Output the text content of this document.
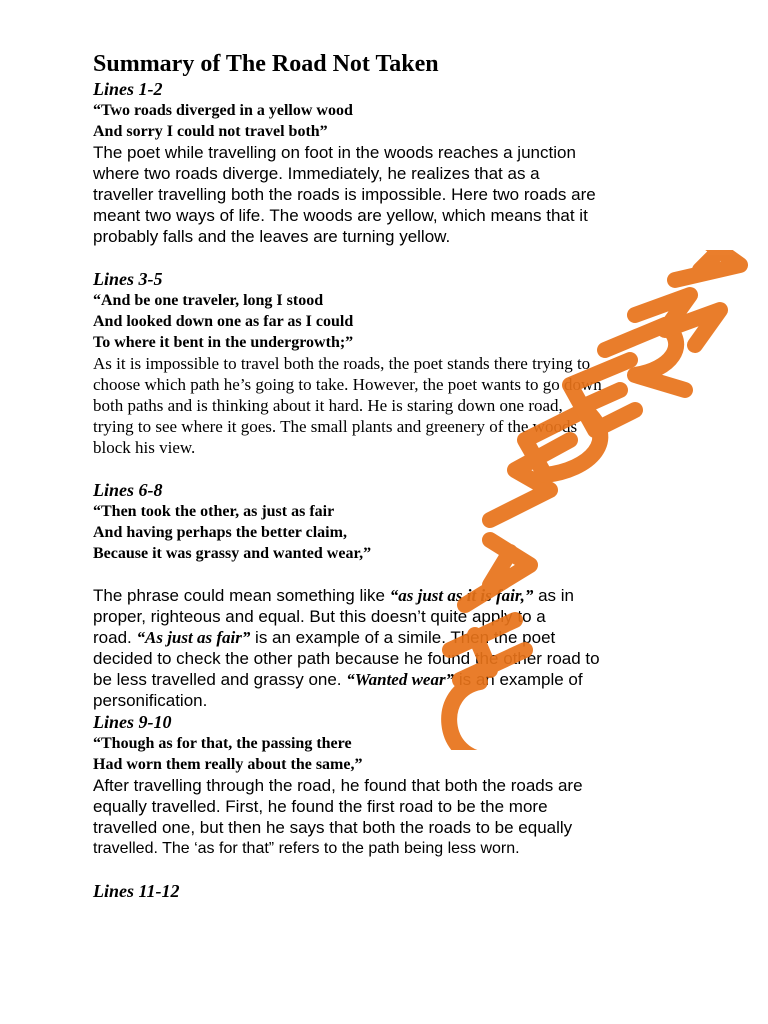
Summary of The Road Not Taken

Lines 1-2

“Two roads diverged in a yellow wood

And sorry I could not travel both”

The poet while travelling on foot in the woods reaches a junction

where two roads diverge. Immediately, he realizes that as a

traveller travelling both the roads is impossible. Here two roads are

meant two ways of life. The woods are yellow, which means that it

probably falls and the leaves are turning yellow.

Lines 3-5

“And be one traveler, long I stood

And looked down one as far as I could

To where it bent in the undergrowth;”

As it is impossible to travel both the roads, the poet stands there trying to

choose which path he’s going to take. However, the poet wants to go down

both paths and is thinking about it hard. He is staring down one road,

trying to see where it goes. The small plants and greenery of the woods

block his view.

Lines 6-8

“Then took the other, as just as fair

And having perhaps the better claim,

Because it was grassy and wanted wear,”

The phrase could mean something like “as just as it is fair,” as in

proper, righteous and equal. But this doesn’t quite apply to a

road. “As just as fair” is an example of a simile. Then the poet

decided to check the other path because he found the other road to

be less travelled and grassy one. “Wanted wear” is an example of

personification.

Lines 9-10

“Though as for that, the passing there

Had worn them really about the same,”

After travelling through the road, he found that both the roads are

equally travelled. First, he found the first road to be the more

travelled one, but then he says that both the roads to be equally

travelled. The ‘as for that” refers to the path being less worn.

Lines 11-12
